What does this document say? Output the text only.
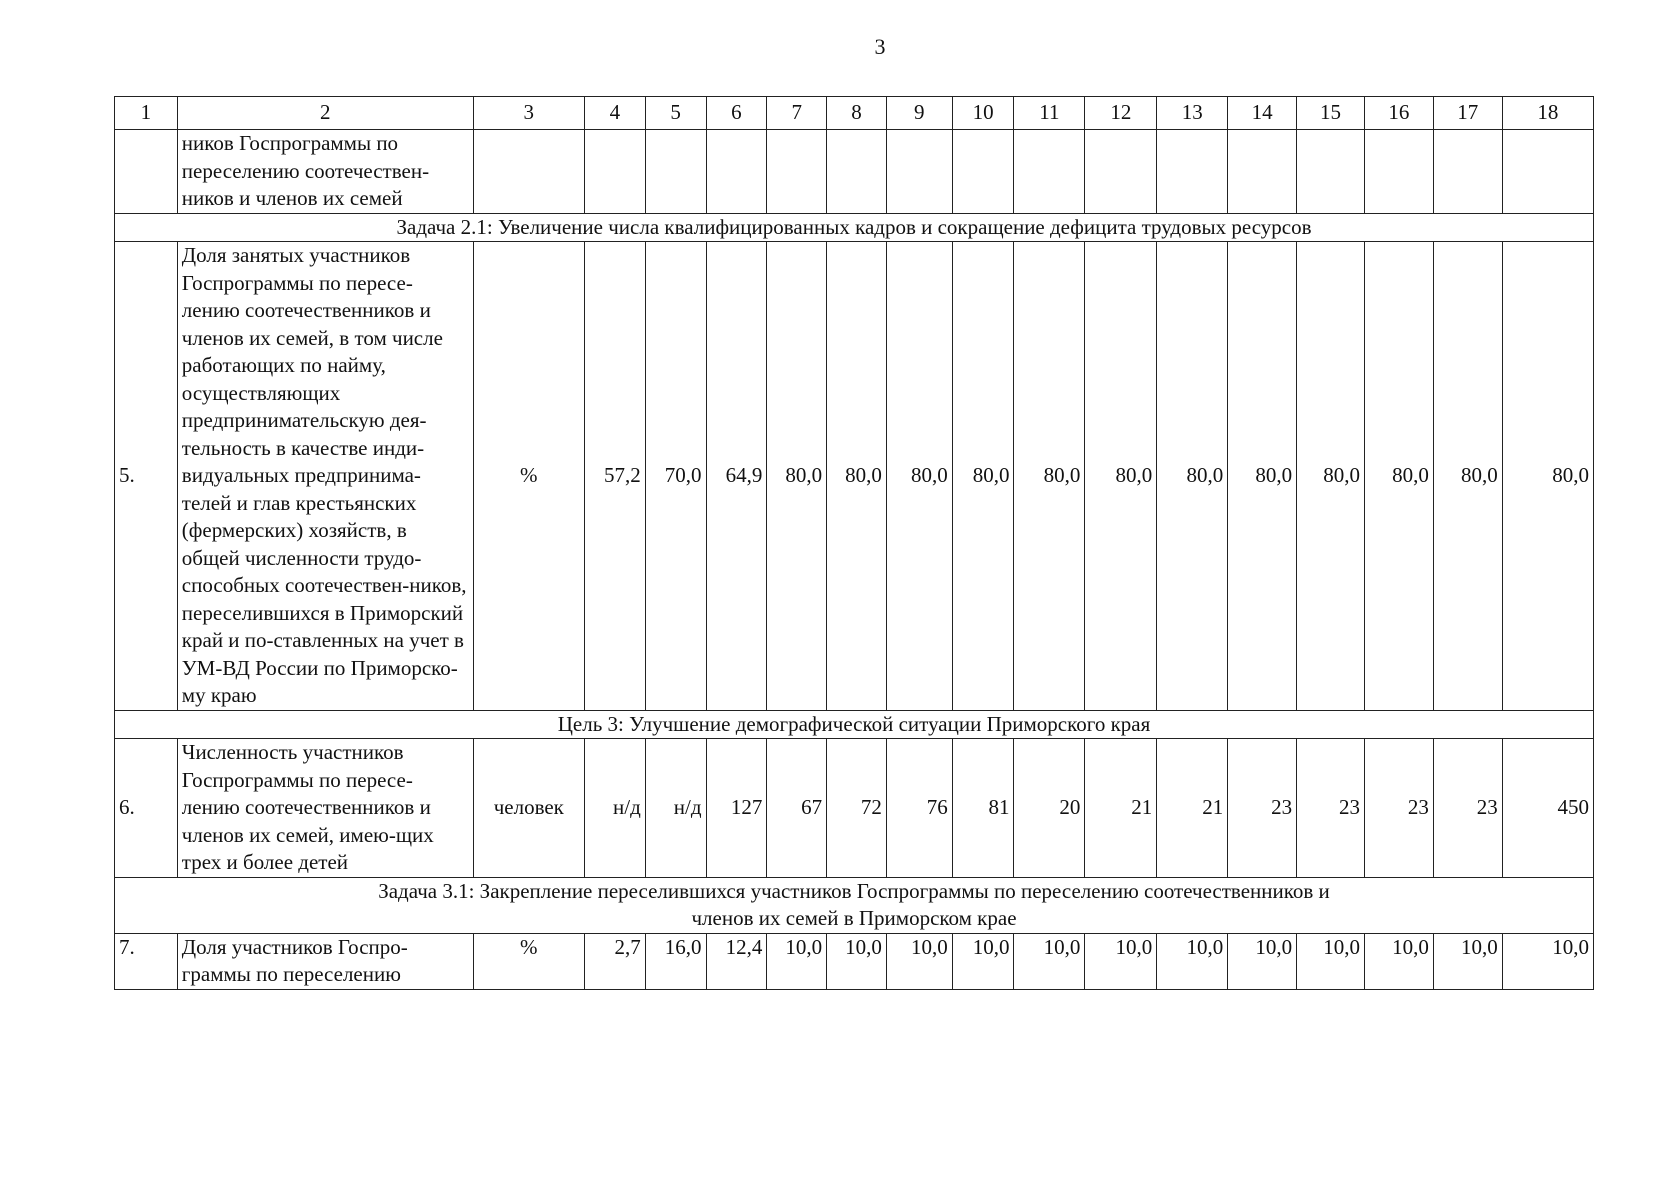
3
1	2	3	4	5	6	7	8	9	10	11	12	13	14	15	16	17	18
	ников Госпрограммы по переселению соотечествен-ников и членов их семей																
Задача 2.1: Увеличение числа квалифицированных кадров и сокращение дефицита трудовых ресурсов																	
5.	Доля занятых участников Госпрограммы по пересе-лению соотечественников и членов их семей, в том числе работающих по найму, осуществляющих предпринимательскую дея-тельность в качестве инди-видуальных предпринима-телей и глав крестьянских (фермерских) хозяйств, в общей численности трудо-способных соотечествен-ников, переселившихся в Приморский край и по-ставленных на учет в УМ-ВД России по Приморско-му краю	%	57,2	70,0	64,9	80,0	80,0	80,0	80,0	80,0	80,0	80,0	80,0	80,0	80,0	80,0	80,0
Цель 3: Улучшение демографической ситуации Приморского края																	
6.	Численность участников Госпрограммы по пересе-лению соотечественников и членов их семей, имею-щих трех и более детей	человек	н/д	н/д	127	67	72	76	81	20	21	21	23	23	23	23	450

Задача 3.1: Закрепление переселившихся участников Госпрограммы по переселению соотечественников и
членов их семей в Приморском крае																	

7.	Доля участников Госпро-граммы по переселению	%	2,7	16,0	12,4	10,0	10,0	10,0	10,0	10,0	10,0	10,0	10,0	10,0	10,0	10,0	10,0
